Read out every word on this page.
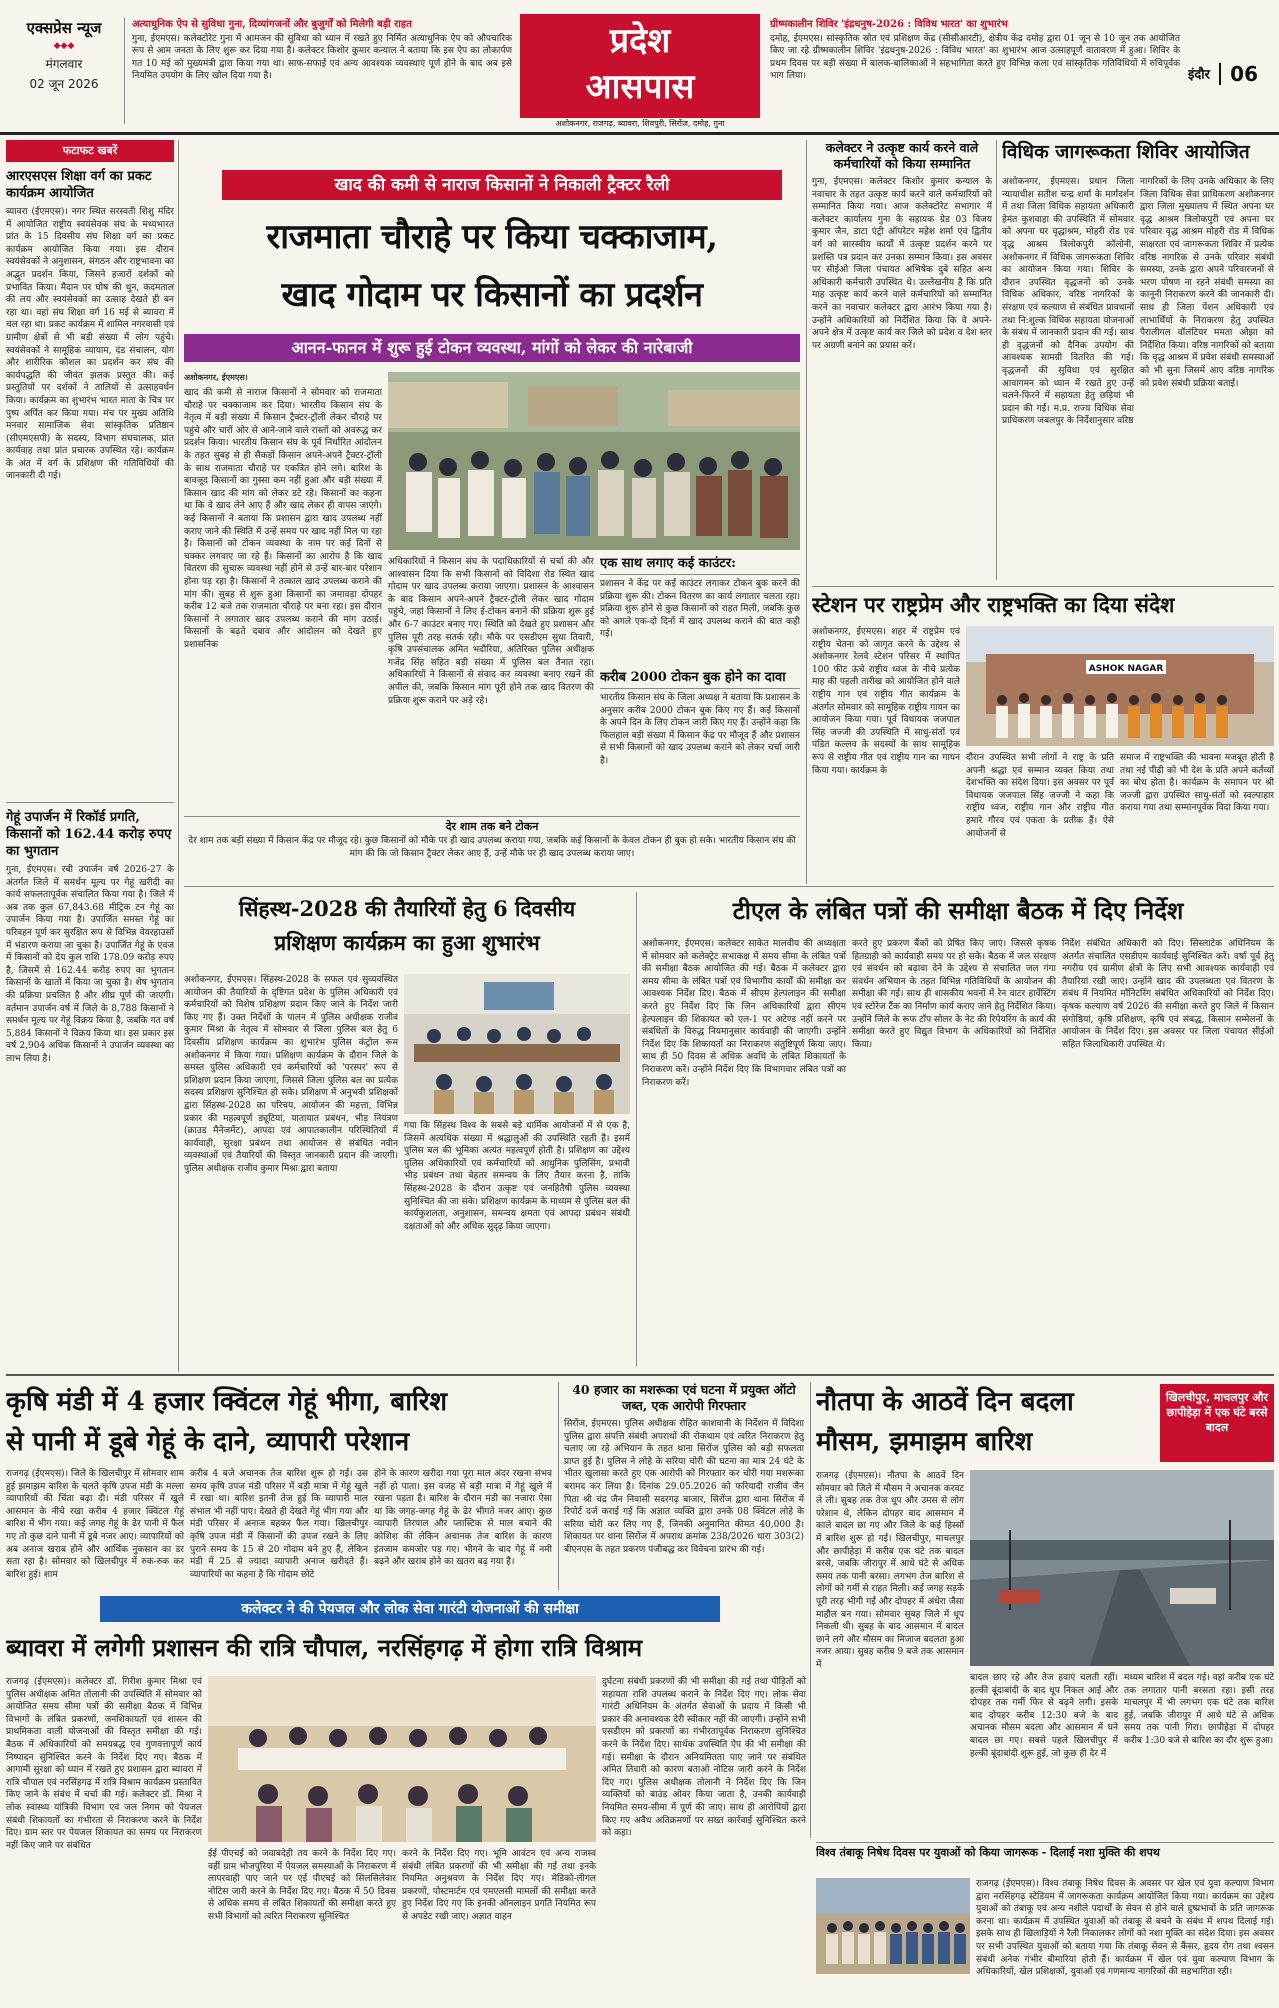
एक्सप्रेस न्यूज
◆◆◆
मंगलवार
02 जून 2026
अत्याधुनिक ऐप से सुविधा गुना, दिव्यांगजनों और बुजुर्गों को मिलेगी बड़ी राहत
गुना, ईएमएस। कलेक्टोरेट गुना में आमजन की सुविधा को ध्यान में रखते हुए निर्मित अत्याधुनिक ऐप को औपचारिक रूप से आम जनता के लिए शुरू कर दिया गया है। कलेक्टर किशोर कुमार कन्याल ने बताया कि इस ऐप का लोकार्पण गत 10 मई को मुख्यमंत्री द्वारा किया गया था। साफ-सफाई एवं अन्य आवश्यक व्यवस्थाएं पूर्ण होने के बाद अब इसे नियमित उपयोग के लिए खोल दिया गया है।
प्रदेश
आसपास
अशोकनगर, राजगढ़, ब्यावरा, शिवपुरी, सिरोंज, दमोह, गुना
ग्रीष्मकालीन शिविर 'इंद्रधनुष-2026 : विविध भारत' का शुभारंभ
दमोह, ईएमएस। सांस्कृतिक स्रोत एवं प्रशिक्षण केंद्र (सीसीआरटी), क्षेत्रीय केंद्र दमोह द्वारा 01 जून से 10 जून तक आयोजित किए जा रहे ग्रीष्मकालीन शिविर 'इंद्रधनुष-2026 : विविध भारत' का शुभारंभ आज उत्साहपूर्ण वातावरण में हुआ। शिविर के प्रथम दिवस पर बड़ी संख्या में बालक-बालिकाओं ने सहभागिता करते हुए विभिन्न कला एवं सांस्कृतिक गतिविधियों में रुचिपूर्वक भाग लिया।	इंदौर 06
फटाफट खबरें
आरएसएस शिक्षा वर्ग का प्रकट कार्यक्रम आयोजित
ब्यावरा (ईएमएस)। नगर स्थित सरस्वती शिशु मंदिर में आयोजित राष्ट्रीय स्वयंसेवक संघ के मध्यभारत प्रांत के 15 दिवसीय संघ शिक्षा वर्ग का प्रकट कार्यक्रम आयोजित किया गया। इस दौरान स्वयंसेवकों ने अनुशासन, संगठन और राष्ट्रभावना का अद्भुत प्रदर्शन किया, जिसने हजारों दर्शकों को प्रभावित किया। मैदान पर घोष की धुन, कदमताल की लय और स्वयंसेवकों का उत्साह देखते ही बन रहा था। वहां संघ शिक्षा वर्ग 16 मई से ब्यावरा में चल रहा था। प्रकट कार्यक्रम में शामिल नगरवासी एवं ग्रामीण क्षेत्रों से भी बड़ी संख्या में लोग पहुंचे। स्वयंसेवकों ने सामूहिक व्यायाम, दंड संचालन, योग और शारीरिक कौशल का प्रदर्शन कर संघ की कार्यपद्धति की जीवंत झलक प्रस्तुत की। कई प्रस्तुतियों पर दर्शकों ने तालियों से उत्साहवर्धन किया। कार्यक्रम का शुभारंभ भारत माता के चित्र पर पुष्प अर्पित कर किया गया। मंच पर मुख्य अतिथि मनवार सामाजिक सेवा सांस्कृतिक प्रतिष्ठान (सीएमएसपी) के सदस्य, विभाग संघचालक, प्रांत कार्यवाह तथा प्रांत प्रचारक उपस्थित रहे। कार्यक्रम के अंत में वर्ग के प्रशिक्षण की गतिविधियों की जानकारी दी गई।
गेहूं उपार्जन में रिकॉर्ड प्रगति, किसानों को 162.44 करोड़ रुपए का भुगतान
गुना, ईएमएस। रबी उपार्जन वर्ष 2026-27 के अंतर्गत जिले में समर्थन मूल्य पर गेहूं खरीदी का कार्य सफलतापूर्वक संचालित किया गया है। जिले में अब तक कुल 67,843.68 मीट्रिक टन गेहूं का उपार्जन किया गया है। उपार्जित समस्त गेहूं का परिवहन पूर्ण कर सुरक्षित रूप से विभिन्न वेयरहाउसों में भंडारण कराया जा चुका है। उपार्जित गेहूं के एवज में किसानों को देय कुल राशि 178.09 करोड़ रुपए है, जिसमें से 162.44 करोड़ रुपए का भुगतान किसानों के खातों में किया जा चुका है। शेष भुगतान की प्रक्रिया प्रचलित है और शीघ्र पूर्ण की जाएगी। वर्तमान उपार्जन वर्ष में जिले के 8,788 किसानों ने समर्थन मूल्य पर गेहूं विक्रय किया है, जबकि गत वर्ष 5,884 किसानों ने विक्रय किया था। इस प्रकार इस वर्ष 2,904 अधिक किसानों ने उपार्जन व्यवस्था का लाभ लिया है।
खाद की कमी से नाराज किसानों ने निकाली ट्रैक्टर रैली
राजमाता चौराहे पर किया चक्काजाम,
खाद गोदाम पर किसानों का प्रदर्शन
आनन-फानन में शुरू हुई टोकन व्यवस्था, मांगों को लेकर की नारेबाजी
अशोकनगर, ईएमएस।
खाद की कमी से नाराज किसानों ने सोमवार को राजमाता चौराहे पर चक्काजाम कर दिया। भारतीय किसान संघ के नेतृत्व में बड़ी संख्या में किसान ट्रैक्टर-ट्रॉली लेकर चौराहे पर पहुंचे और चारों ओर से आने-जाने वाले रास्तों को अवरुद्ध कर प्रदर्शन किया। भारतीय किसान संघ के पूर्व निर्धारित आंदोलन के तहत सुबह से ही सैकड़ों किसान अपने-अपने ट्रैक्टर-ट्रॉली के साथ राजमाता चौराहे पर एकत्रित होने लगे। बारिश के बावजूद किसानों का गुस्सा कम नहीं हुआ और बड़ी संख्या में किसान खाद की मांग को लेकर डटे रहे। किसानों का कहना था कि वे खाद लेने आए हैं और खाद लेकर ही वापस जाएंगे। कई किसानों ने बताया कि प्रशासन द्वारा खाद उपलब्ध नहीं कराए जाने की स्थिति में उन्हें समय पर खाद नहीं मिल पा रहा है। किसानों को टोकन व्यवस्था के नाम पर कई दिनों से चक्कर लगवाए जा रहे हैं। किसानों का आरोप है कि खाद वितरण की सुचारू व्यवस्था नहीं होने से उन्हें बार-बार परेशान होना पड़ रहा है। किसानों ने तत्काल खाद उपलब्ध कराने की मांग की। सुबह से शुरू हुआ किसानों का जमावड़ा दोपहर करीब 12 बजे तक राजमाता चौराहे पर बना रहा। इस दौरान किसानों ने लगातार खाद उपलब्ध कराने की मांग उठाई। किसानों के बढ़ते दबाव और आंदोलन को देखते हुए प्रशासनिक
अधिकारियों ने किसान संघ के पदाधिकारियों से चर्चा की और आश्वासन दिया कि सभी किसानों को विदिशा रोड स्थित खाद गोदाम पर खाद उपलब्ध कराया जाएगा। प्रशासन के आश्वासन के बाद किसान अपने-अपने ट्रैक्टर-ट्रॉली लेकर खाद गोदाम पहुंचे, जहां किसानों ने लिए ई-टोकन बनाने की प्रक्रिया शुरू हुई और 6-7 काउंटर बनाए गए। स्थिति को देखते हुए प्रशासन और पुलिस पूरी तरह सतर्क रही। मौके पर एसडीएम सुधा तिवारी, कृषि उपसंचालक अमित भदौरिया, अतिरिक्त पुलिस अधीक्षक गजेंद्र सिंह सहित बड़ी संख्या में पुलिस बल तैनात रहा। अधिकारियों ने किसानों से संवाद कर व्यवस्था बनाए रखने की अपील की, जबकि किसान मांग पूरी होने तक खाद वितरण की प्रक्रिया शुरू कराने पर अड़े रहे।
एक साथ लगाए कई काउंटर:
प्रशासन ने केंद्र पर कई काउंटर लगाकर टोकन बुक करने की प्रक्रिया शुरू की। टोकन वितरण का कार्य लगातार चलता रहा। प्रक्रिया शुरू होने से कुछ किसानों को राहत मिली, जबकि कुछ को अगले एक-दो दिनों में खाद उपलब्ध कराने की बात कही गई।
करीब 2000 टोकन बुक होने का दावा
भारतीय किसान संघ के जिला अध्यक्ष ने बताया कि प्रशासन के अनुसार करीब 2000 टोकन बुक किए गए हैं। कई किसानों के अपने दिन के लिए टोकन जारी किए गए हैं। उन्होंने कहा कि फिलहाल बड़ी संख्या में किसान केंद्र पर मौजूद हैं और प्रशासन से सभी किसानों को खाद उपलब्ध कराने को लेकर चर्चा जारी है।
देर शाम तक बने टोकन
देर शाम तक बड़ी संख्या में किसान केंद्र पर मौजूद रहे। कुछ किसानों को मौके पर ही खाद उपलब्ध कराया गया, जबकि कई किसानों के केवल टोकन ही बुक हो सके। भारतीय किसान संघ की मांग की कि जो किसान ट्रैक्टर लेकर आए हैं, उन्हें मौके पर ही खाद उपलब्ध कराया जाए।
कलेक्टर ने उत्कृष्ट कार्य करने वाले कर्मचारियों को किया सम्मानित
गुना, ईएमएस। कलेक्टर किशोर कुमार कन्याल के नवाचार के तहत उत्कृष्ट कार्य करने वाले कर्मचारियों को सम्मानित किया गया। आज कलेक्टोरेट सभागार में कलेक्टर कार्यालय गुना के सहायक ग्रेड 03 विजय कुमार जैन, डाटा एंट्री ऑपरेटर महेश शर्मा एवं द्वितीय वर्ग को सारस्वीय कार्यों में उत्कृष्ट प्रदर्शन करने पर प्रशस्ति पत्र प्रदान कर उनका सम्मान किया। इस अवसर पर सीईओ जिला पंचायत अभिषेक दुबे सहित अन्य अधिकारी कर्मचारी उपस्थित थे। उल्लेखनीय है कि प्रति माह उत्कृष्ट कार्य करने वाले कर्मचारियों को सम्मानित करने का नवाचार कलेक्टर द्वारा आरंभ किया गया है। उन्होंने अधिकारियों को निर्देशित किया कि वे अपने-अपने क्षेत्र में उत्कृष्ट कार्य कर जिले को प्रदेश व देश स्तर पर अग्रणी बनाने का प्रयास करें।
विधिक जागरूकता शिविर आयोजित
अशोकनगर, ईएमएस। प्रधान जिला न्यायाधीश सतीश चन्द्र शर्मा के मार्गदर्शन में तथा जिला विधिक सहायता अधिकारी हेमंत कुशवाहा की उपस्थिति में सोमवार को अपना घर वृद्धाश्रम, मोहरी रोड एवं वृद्ध आश्रम त्रिलोकपुरी कॉलोनी, अशोकनगर में विधिक जागरूकता शिविर का आयोजन किया गया। शिविर के दौरान उपस्थित वृद्धजनों को उनके विधिक अधिकार, वरिष्ठ नागरिकों के संरक्षण एवं कल्याण से संबंधित प्रावधानों तथा नि:शुल्क विधिक सहायता योजनाओं के संबंध में जानकारी प्रदान की गई। साथ ही वृद्धजनों को दैनिक उपयोग की आवश्यक सामग्री वितरित की गई। वृद्धजनों की सुविधा एवं सुरक्षित आवागमन को ध्यान में रखते हुए उन्हें चलने-फिरने में सहायता हेतु छड़ियां भी प्रदान की गईं। म.प्र. राज्य विधिक सेवा प्राधिकरण जबलपुर के निर्देशानुसार वरिष्ठ
नागरिकों के लिए उनके अधिकार के लिए जिला विधिक सेवा प्राधिकरण अशोकनगर द्वारा जिला मुख्यालय में स्थित अपना घर वृद्ध आश्रम त्रिलोकपुरी एवं अपना घर परिवार वृद्ध आश्रम मोहरी रोड में विधिक साक्षरता एवं जागरूकता शिविर में प्रत्येक वरिष्ठ नागरिक से उनके परिवार संबंधी समस्या, उनके द्वारा अपने परिवारजनों से भरण पोषण ना रहने संबंधी समस्या का कानूनी निराकरण करने की जानकारी दी। साथ ही जिला पेंशन अधिकारी एवं लाभार्थियों के निराकरण हेतु उपस्थित पैरालीगल वॉलंटियर ममता ओझा को निर्देशित किया। वरिष्ठ नागरिकों को बताया कि वृद्ध आश्रम में प्रवेश संबंधी समस्याओं को भी सुना जिसमें आए वरिष्ठ नागरिक को प्रवेश संबंधी प्रक्रिया बताई।
स्टेशन पर राष्ट्रप्रेम और राष्ट्रभक्ति का दिया संदेश
अशोकनगर, ईएमएस। शहर में राष्ट्रप्रेम एवं राष्ट्रीय चेतना को जागृत करने के उद्देश्य से अशोकनगर रेलवे स्टेशन परिसर में स्थापित 100 फीट ऊंचे राष्ट्रीय ध्वज के नीचे प्रत्येक माह की पहली तारीख को आयोजित होने वाले राष्ट्रीय गान एवं राष्ट्रीय गीत कार्यक्रम के अंतर्गत सोमवार को सामूहिक राष्ट्रीय गायन का आयोजन किया गया। पूर्व विधायक जजपाल सिंह जज्जी की उपस्थिति में साधु-संतों एवं पंडित कल्लव के सदस्यों के साथ सामूहिक रूप से राष्ट्रीय गीत एवं राष्ट्रीय गान का गायन किया गया। कार्यक्रम के
ASHOK NAGAR
दौरान उपस्थित सभी लोगों ने राष्ट्र के प्रति अपनी श्रद्धा एवं सम्मान व्यक्त किया तथा देशभक्ति का संदेश दिया। इस अवसर पर पूर्व विधायक जजपाल सिंह जज्जी ने कहा कि राष्ट्रीय ध्वज, राष्ट्रीय गान और राष्ट्रीय गीत हमारे गौरव एवं एकता के प्रतीक हैं। ऐसे आयोजनों से
समाज में राष्ट्रभक्ति की भावना मजबूत होती है तथा नई पीढ़ी को भी देश के प्रति अपने कर्तव्यों का बोध होता है। कार्यक्रम के समापन पर श्री जज्जी द्वारा उपस्थित साधु-संतों को स्वल्पाहार कराया गया तथा सम्मानपूर्वक विदा किया गया।
सिंहस्थ-2028 की तैयारियों हेतु 6 दिवसीय
प्रशिक्षण कार्यक्रम का हुआ शुभारंभ
अशोकनगर, ईएमएस। सिंहस्थ-2028 के सफल एवं सुव्यवस्थित आयोजन की तैयारियों के दृष्टिगत प्रदेश के पुलिस अधिकारी एवं कर्मचारियों को विशेष प्रशिक्षण प्रदान किए जाने के निर्देश जारी किए गए हैं। उक्त निर्देशों के पालन में पुलिस अधीक्षक राजीव कुमार मिश्रा के नेतृत्व में सोमवार से जिला पुलिस बल हेतु 6 दिवसीय प्रशिक्षण कार्यक्रम का शुभारंभ पुलिस कंट्रोल रूम अशोकनगर में किया गया। प्रशिक्षण कार्यक्रम के दौरान जिले के समस्त पुलिस अधिकारी एवं कर्मचारियों को 'परस्पर' रूप से प्रशिक्षण प्रदान किया जाएगा, जिससे जिला पुलिस बल का प्रत्येक सदस्य प्रशिक्षण सुनिश्चित हो सके। प्रशिक्षण में अनुभवी प्रशिक्षकों द्वारा सिंहस्थ-2028 का परिचय, आयोजन की महत्ता, विभिन्न प्रकार की महत्वपूर्ण ड्यूटियां, यातायात प्रबंधन, भीड़ नियंत्रण (क्राउड मैनेजमेंट), आपदा एवं आपातकालीन परिस्थितियों में कार्यवाही, सुरक्षा प्रबंधन तथा आयोजन से संबंधित नवीन व्यवस्थाओं एवं तैयारियों की विस्तृत जानकारी प्रदान की जाएगी। पुलिस अधीक्षक राजीव कुमार मिश्रा द्वारा बताया
गया कि सिंहस्थ विश्व के सबसे बड़े धार्मिक आयोजनों में से एक है, जिसमें अत्यधिक संख्या में श्रद्धालुओं की उपस्थिति रहती है। इसमें पुलिस बल की भूमिका अत्यंत महत्वपूर्ण होती है। प्रशिक्षण का उद्देश्य पुलिस अधिकारियों एवं कर्मचारियों को आधुनिक पुलिसिंग, प्रभावी भीड़ प्रबंधन तथा बेहतर समन्वय के लिए तैयार करना है, ताकि सिंहस्थ-2028 के दौरान उत्कृष्ट एवं जनहितैषी पुलिस व्यवस्था सुनिश्चित की जा सके। प्रशिक्षण कार्यक्रम के माध्यम से पुलिस बल की कार्यकुशलता, अनुशासन, समन्वय क्षमता एवं आपदा प्रबंधन संबंधी दक्षताओं को और अधिक सुदृढ़ किया जाएगा।
टीएल के लंबित पत्रों की समीक्षा बैठक में दिए निर्देश
अशोकनगर, ईएमएस। कलेक्टर साकेत मालवीय की अध्यक्षता में सोमवार को कलेक्ट्रेट सभाकक्ष में समय सीमा के लंबित पत्रों की समीक्षा बैठक आयोजित की गई। बैठक में कलेक्टर द्वारा समय सीमा के लंबित पत्रों एवं विभागीय कार्यों की समीक्षा कर आवश्यक निर्देश दिए। बैठक में सीएम हेल्पलाइन की समीक्षा करते हुए निर्देश दिए कि जिन अधिकारियों द्वारा सीएम हेल्पलाइन की शिकायत को एल-1 पर अटेण्ड नहीं करने पर संबंधितों के विरुद्ध नियमानुसार कार्यवाही की जाएगी। उन्होंने निर्देश दिए कि शिकायतों का निराकरण संतुष्टिपूर्ण किया जाए। साथ ही 50 दिवस से अधिक अवधि के लंबित शिकायतों के निराकरण करें। उन्होंने निर्देश दिए कि विभागवार लंबित पत्रों का निराकरण करें।
करते हुए प्रकरण बैंकों को प्रेषित किए जाएं। जिससे कृषक हितग्राही को कार्यवाही समय पर हो सके। बैठक में जल संरक्षण एवं संवर्धन को बढ़ावा देने के उद्देश्य से संचालित जल गंगा संवर्धन अभियान के तहत विभिन्न गतिविधियों के आयोजन की समीक्षा की गई। साथ ही शासकीय भवनों में रेन वाटर हार्वेस्टिंग एवं स्टोरेज टैंक का निर्माण कार्य कराए जाने हेतु निर्देशित किया। उन्होंने जिले के रूफ टॉप सोलर के नेट की रिपेयरिंग के कार्य की समीक्षा करते हुए विद्युत विभाग के अधिकारियों को निर्देशित किया।
निर्देश संबंधित अधिकारी को दिए। सिस्लाटेक अधिनियम के अंतर्गत संचालित एसडीएम कार्यवाई सुनिश्चित करें। वर्षा पूर्व हेतु नगरीय एवं ग्रामीण क्षेत्रों के लिए सभी आवश्यक कार्यवाही एवं तैयारियां रखी जाएं। उन्होंने खाद की उपलब्धता एवं वितरण के संबंध में नियमित मॉनिटरिंग संबंधित अधिकारियों को निर्देश दिए। कृषक कल्याण वर्ष 2026 की समीक्षा करते हुए जिले में किसान संगोष्ठियां, कृषि प्रशिक्षण, कृषि एवं संबद्ध, किसान सम्मेलनों के आयोजन के निर्देश दिए। इस अवसर पर जिला पंचायत सीईओ सहित जिलाधिकारी उपस्थित थे।
कृषि मंडी में 4 हजार क्विंटल गेहूं भीगा, बारिश
से पानी में डूबे गेहूं के दाने, व्यापारी परेशान
राजगढ़ (ईएमएस)। जिले के खिलचीपुर में सोमवार शाम हुई झमाझम बारिश के चलते कृषि उपज मंडी के मल्ला व्यापारियों की चिंता बढ़ा दी। मंडी परिसर में खुले आसमान के नीचे रखा करीब 4 हजार क्विंटल गेहूं बारिश में भीग गया। कई जगह गेहूं के ढेर पानी में फैल गए तो कुछ दाने पानी में डूबे नजर आए। व्यापारियों को अब अनाज खराब होने और आर्थिक नुकसान का डर सता रहा है। सोमवार को खिलचीपुर में रुक-रुक कर बारिश हुई। शाम
करीब 4 बजे अचानक तेज बारिश शुरू हो गई। उस समय कृषि उपज मंडी परिसर में बड़ी मात्रा में गेहूं खुले में रखा था। बारिश इतनी तेज हुई कि व्यापारी माल संभाल भी नहीं पाए। देखते ही देखते गेहूं भीग गया और मंडी परिसर में अनाज बहकर फैल गया। खिलचीपुर कृषि उपज मंडी में किसानों की उपज रखने के लिए पुराने समय के 15 से 20 गोदाम बने हुए हैं, लेकिन मंडी में 25 से ज्यादा व्यापारी अनाज खरीदते हैं। व्यापारियों का कहना है कि गोदाम छोटे
होने के कारण खरीदा गया पूरा माल अंदर रखना संभव नहीं हो पाता। इस वजह से बड़ी मात्रा में गेहूं खुले में रखना पड़ता है। बारिश के दौरान मंडी का नजारा ऐसा था कि जगह-जगह गेहूं के ढेर भीगते नजर आए। कुछ व्यापारी तिरपाल और प्लास्टिक से माल बचाने की कोशिश की लेकिन अचानक तेज बारिश के कारण इंतजाम कमजोर पड़ गए। भीगने के बाद गेहूं में नमी बढ़ने और खराब होने का खतरा बढ़ गया है।
40 हजार का मशरूका एवं घटना में प्रयुक्त ऑटो जब्त, एक आरोपी गिरफ्तार
सिरोंज, ईएमएस। पुलिस अधीक्षक रोहित काशवानी के निर्देशन में विदिशा पुलिस द्वारा संपत्ति संबंधी अपराधों की रोकथाम एवं त्वरित निराकरण हेतु चलाए जा रहे अभियान के तहत थाना सिरोंज पुलिस को बड़ी सफलता प्राप्त हुई है। पुलिस ने लोहे के सरिया चोरी की घटना का मात्र 24 घंटे के भीतर खुलासा करते हुए एक आरोपी को गिरफ्तार कर चोरी गया मशरूका बरामद कर लिया है। दिनांक 29.05.2026 को फरियादी राजीव जैन पिता श्री चंद्र जैन निवासी सदरगढ़ बाजार, सिरोंज द्वारा थाना सिरोंज में रिपोर्ट दर्ज कराई गई कि अज्ञात व्यक्ति द्वारा उनके 08 क्विंटल लोहे के सरिया चोरी कर लिए गए हैं, जिनकी अनुमानित कीमत 40,000 है। शिकायत पर थाना सिरोंज में अपराध क्रमांक 238/2026 धारा 303(2) बीएनएस के तहत प्रकरण पंजीबद्ध कर विवेचना प्रारंभ की गई।
नौतपा के आठवें दिन बदला
मौसम, झमाझम बारिश
खिलचीपुर, माचलपुर और छापीहेड़ा में एक घंटे बरसे बादल
राजगढ़ (ईएमएस)। नौतपा के आठवें दिन सोमवार को जिले में मौसम ने अचानक करवट ले ली। सुबह तक तेज धूप और उमस से लोग परेशान थे, लेकिन दोपहर बाद आसमान में काले बादल छा गए और जिले के कई हिस्सों में बारिश शुरू हो गई। खिलचीपुर, माचलपुर और छापीहेड़ा में करीब एक घंटे तक बादल बरसे, जबकि जीरापुर में आधे घंटे से अधिक समय तक पानी बरसा। लगभग तेज बारिश से लोगों को गर्मी से राहत मिली। कई जगह सड़कें पूरी तरह भीगी गईं और दोपहर में अंधेरा जैसा माहौल बन गया। सोमवार सुबह जिले में धूप निकली थी। सुबह के बाद आसमान में बादल छाने लगे और मौसम का मिजाज बदलता हुआ नजर आया। सुबह करीब 9 बजे तक आसमान में
बादल छाए रहे और तेज हवाएं चलती रहीं। हल्की बूंदाबांदी के बाद धूप निकल आई और दोपहर तक गर्मी फिर से बढ़ने लगी। इसके बाद दोपहर करीब 12:30 बजे के बाद अचानक मौसम बदला और आसमान में घने बादल छा गए। सबसे पहले खिलचीपुर में हल्की बूंदाबांदी शुरू हुई, जो कुछ ही देर में
मध्यम बारिश में बदल गई। वहां करीब एक घंटे तक लगातार पानी बरसता रहा। इसी तरह माचलपुर में भी लगभग एक घंटे तक बारिश हुई, जबकि जीरापुर में आधे घंटे से अधिक समय तक पानी गिरा। छापीहेड़ा में दोपहर करीब 1:30 बजे से बारिश का दौर शुरू हुआ।
कलेक्टर ने की पेयजल और लोक सेवा गारंटी योजनाओं की समीक्षा
ब्यावरा में लगेगी प्रशासन की रात्रि चौपाल, नरसिंहगढ़ में होगा रात्रि विश्राम
राजगढ़ (ईएमएस)। कलेक्टर डॉ. गिरीश कुमार मिश्रा एवं पुलिस अधीक्षक अमित तोलानी की उपस्थिति में सोमवार को आयोजित समय सीमा पत्रों की समीक्षा बैठक में विभिन्न विभागों के लंबित प्रकरणों, जनशिकायतों एवं शासन की प्राथमिकता वाली योजनाओं की विस्तृत समीक्षा की गई। बैठक में अधिकारियों को समयबद्ध एवं गुणवत्तापूर्ण कार्य निष्पादन सुनिश्चित करने के निर्देश दिए गए। बैठक में आगामी सुरक्षा को ध्यान में रखते हुए प्रशासन द्वारा ब्यावरा में रात्रि चौपाल एवं नरसिंहगढ़ में रात्रि विश्राम कार्यक्रम प्रस्तावित किए जाने के संबंध में चर्चा की गई। कलेक्टर डॉ. मिश्रा ने लोक स्वास्थ्य यांत्रिकी विभाग एवं जल निगम को पेयजल संबंधी शिकायतों का गंभीरता से निराकरण करने के निर्देश दिए। ग्राम स्तर पर पेयजल शिकायत का समय पर निराकरण नहीं किए जाने पर संबंधित
ईई पीएचई को जवाबदेही तय करने के निर्देश दिए गए। वहीं ग्राम भोजपुरिया में पेयजल समस्याओं के निराकरण में लापरवाही पाए जाने पर एई पीएचई को सिलसिलेवार नोटिस जारी करने के निर्देश दिए गए। बैठक में 50 दिवस से अधिक समय से लंबित शिकायतों की समीक्षा करते हुए सभी विभागों को त्वरित निराकरण सुनिश्चित
करने के निर्देश दिए गए। भूमि आवंटन एवं अन्य राजस्व संबंधी लंबित प्रकरणों की भी समीक्षा की गई तथा इनके नियमित अनुश्रवण के निर्देश दिए गए। मेडिको-लीगल प्रकरणों, पोस्टमार्टम एवं एमएलसी मामलों की समीक्षा करते हुए निर्देश दिए गए कि इनकी ऑनलाइन प्रगति नियमित रूप से अपडेट रखी जाए। अज्ञात वाहन
दुर्घटना संबंधी प्रकरणों की भी समीक्षा की गई तथा पीड़ितों को सहायता राशि उपलब्ध कराने के निर्देश दिए गए। लोक सेवा गारंटी अधिनियम के अंतर्गत सेवाओं के प्रदाय में किसी भी प्रकार की अनावश्यक देरी स्वीकार नहीं की जाएगी। उन्होंने सभी एसडीएम को प्रकरणों का गंभीरतापूर्वक निराकरण सुनिश्चित करने के निर्देश दिए। सार्थक उपस्थिति ऐप की भी समीक्षा की गई। समीक्षा के दौरान अनियमितता पाए जाने पर संबंधित अमित तिवारी को कारण बताओ नोटिस जारी करने के निर्देश दिए गए। पुलिस अधीक्षक तोलानी ने निर्देश दिए कि जिन व्यक्तियों को बाउंड ओवर किया जाता है, उनकी कार्यवाही नियमित समय-सीमा में पूर्ण की जाए। साथ ही आरोपियों द्वारा किए गए अवैध अतिक्रमणों पर सख्त कार्रवाई सुनिश्चित करने को कहा।
विश्व तंबाकू निषेध दिवस पर युवाओं को किया जागरूक - दिलाई नशा मुक्ति की शपथ
राजगढ़ (ईएमएस)। विश्व तंबाकू निषेध दिवस के अवसर पर खेल एवं युवा कल्याण विभाग द्वारा नरसिंहगढ़ स्टेडियम में जागरूकता कार्यक्रम आयोजित किया गया। कार्यक्रम का उद्देश्य युवाओं को तंबाकू एवं अन्य नशीले पदार्थों के सेवन से होने वाले दुष्प्रभावों के प्रति जागरूक करना था। कार्यक्रम में उपस्थित युवाओं को तंबाकू से बचने के संबंध में शपथ दिलाई गई। इसके साथ ही खिलाड़ियों ने रैली निकालकर लोगों को नशा मुक्ति का संदेश दिया। इस अवसर पर सभी उपस्थित युवाओं को बताया गया कि तंबाकू सेवन से कैंसर, हृदय रोग तथा श्वसन संबंधी अनेक गंभीर बीमारियां होती हैं। कार्यक्रम में खेल एवं युवा कल्याण विभाग के अधिकारियों, खेल प्रशिक्षकों, युवाओं एवं गणमान्य नागरिकों की सहभागिता रही।
